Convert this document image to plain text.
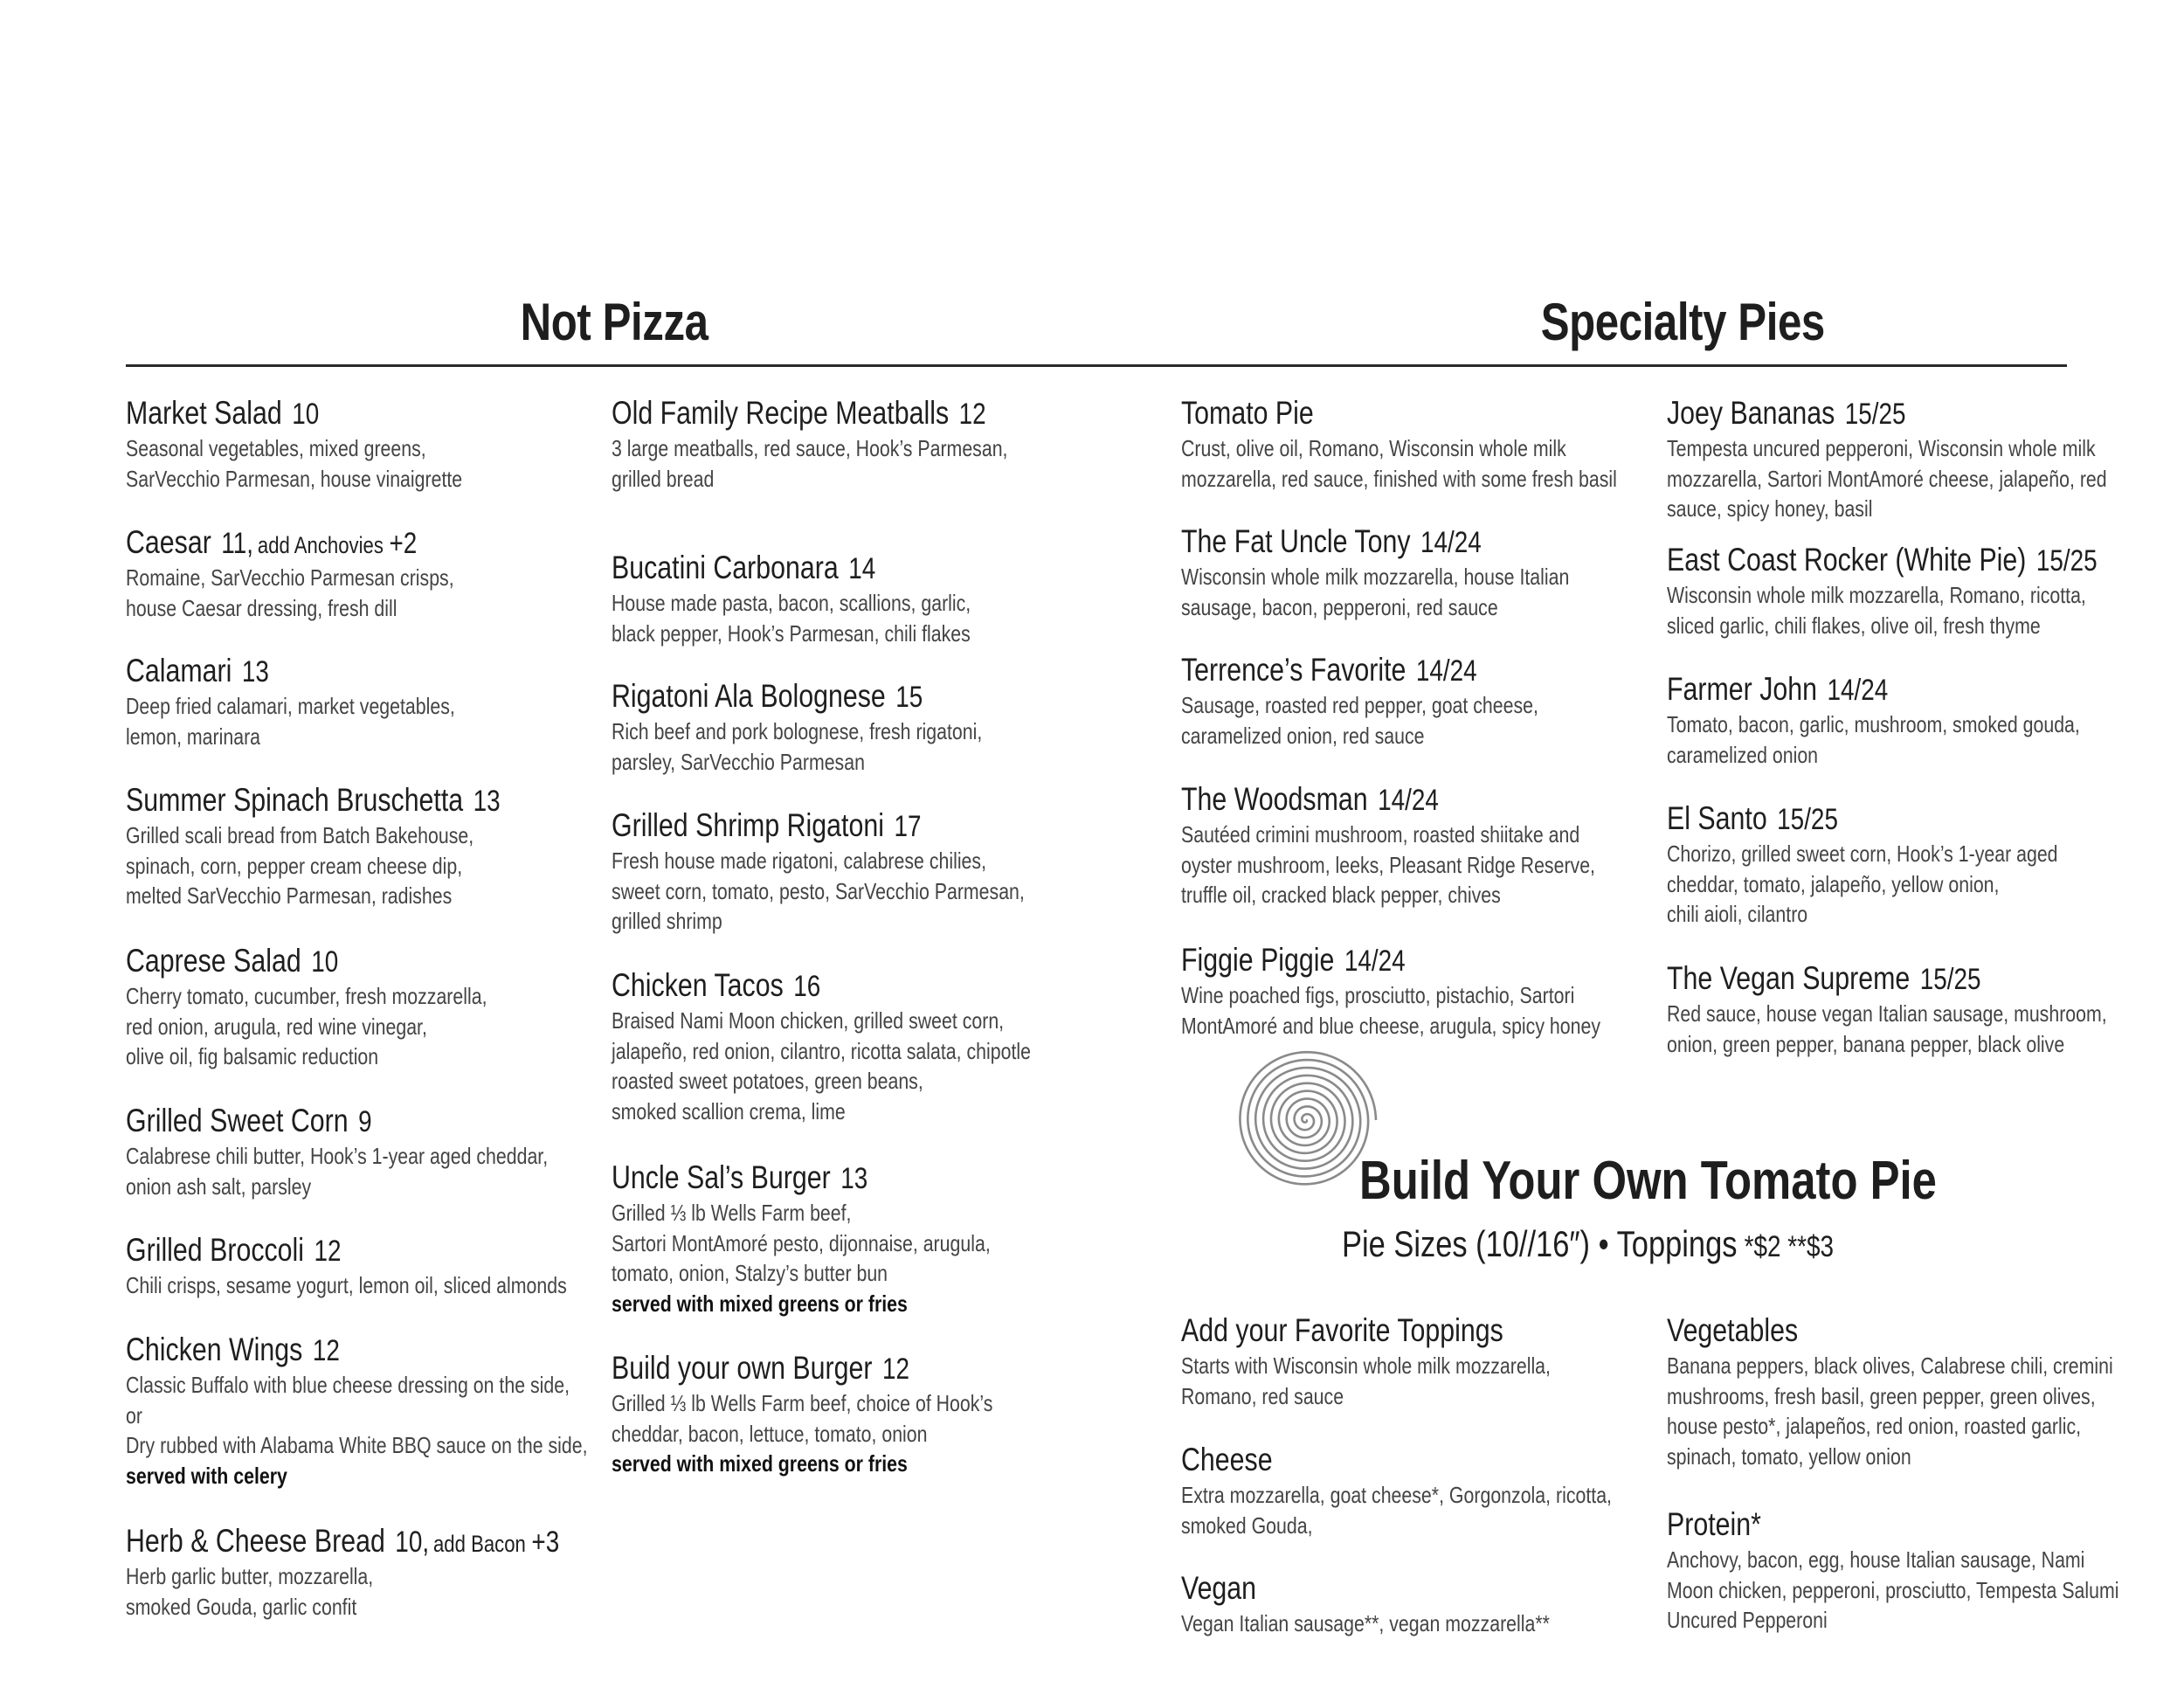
Not Pizza	Specialty Pies
Market Salad 10
Seasonal vegetables, mixed greens,
SarVecchio Parmesan, house vinaigrette
Caesar 11, add Anchovies +2
Romaine, SarVecchio Parmesan crisps,
house Caesar dressing, fresh dill
Calamari 13
Deep fried calamari, market vegetables,
lemon, marinara
Summer Spinach Bruschetta 13
Grilled scali bread from Batch Bakehouse,
spinach, corn, pepper cream cheese dip,
melted SarVecchio Parmesan, radishes
Caprese Salad 10
Cherry tomato, cucumber, fresh mozzarella,
red onion, arugula, red wine vinegar,
olive oil, fig balsamic reduction
Grilled Sweet Corn 9
Calabrese chili butter, Hook’s 1-year aged cheddar,
onion ash salt, parsley
Grilled Broccoli 12
Chili crisps, sesame yogurt, lemon oil, sliced almonds
Chicken Wings 12
Classic Buffalo with blue cheese dressing on the side,
or
Dry rubbed with Alabama White BBQ sauce on the side,
served with celery
Herb & Cheese Bread 10, add Bacon +3
Herb garlic butter, mozzarella,
smoked Gouda, garlic confit
Old Family Recipe Meatballs 12
3 large meatballs, red sauce, Hook’s Parmesan,
grilled bread
Bucatini Carbonara 14
House made pasta, bacon, scallions, garlic,
black pepper, Hook’s Parmesan, chili flakes
Rigatoni Ala Bolognese 15
Rich beef and pork bolognese, fresh rigatoni,
parsley, SarVecchio Parmesan
Grilled Shrimp Rigatoni 17
Fresh house made rigatoni, calabrese chilies,
sweet corn, tomato, pesto, SarVecchio Parmesan,
grilled shrimp
Chicken Tacos 16
Braised Nami Moon chicken, grilled sweet corn,
jalapeño, red onion, cilantro, ricotta salata, chipotle
roasted sweet potatoes, green beans,
smoked scallion crema, lime
Uncle Sal’s Burger 13
Grilled ⅓ lb Wells Farm beef,
Sartori MontAmoré pesto, dijonnaise, arugula,
tomato, onion, Stalzy’s butter bun
served with mixed greens or fries
Build your own Burger 12
Grilled ⅓ lb Wells Farm beef, choice of Hook’s
cheddar, bacon, lettuce, tomato, onion
served with mixed greens or fries
Tomato Pie
Crust, olive oil, Romano, Wisconsin whole milk
mozzarella, red sauce, finished with some fresh basil
The Fat Uncle Tony 14/24
Wisconsin whole milk mozzarella, house Italian
sausage, bacon, pepperoni, red sauce
Terrence’s Favorite 14/24
Sausage, roasted red pepper, goat cheese,
caramelized onion, red sauce
The Woodsman 14/24
Sautéed crimini mushroom, roasted shiitake and
oyster mushroom, leeks, Pleasant Ridge Reserve,
truffle oil, cracked black pepper, chives
Figgie Piggie 14/24
Wine poached figs, prosciutto, pistachio, Sartori
MontAmoré and blue cheese, arugula, spicy honey
Joey Bananas 15/25
Tempesta uncured pepperoni, Wisconsin whole milk
mozzarella, Sartori MontAmoré cheese, jalapeño, red
sauce, spicy honey, basil
East Coast Rocker (White Pie) 15/25
Wisconsin whole milk mozzarella, Romano, ricotta,
sliced garlic, chili flakes, olive oil, fresh thyme
Farmer John 14/24
Tomato, bacon, garlic, mushroom, smoked gouda,
caramelized onion
El Santo 15/25
Chorizo, grilled sweet corn, Hook’s 1-year aged
cheddar, tomato, jalapeño, yellow onion,
chili aioli, cilantro
The Vegan Supreme 15/25
Red sauce, house vegan Italian sausage, mushroom,
onion, green pepper, banana pepper, black olive
Add your Favorite Toppings
Starts with Wisconsin whole milk mozzarella,
Romano, red sauce
Cheese
Extra mozzarella, goat cheese*, Gorgonzola, ricotta,
smoked Gouda,
Vegan
Vegan Italian sausage**, vegan mozzarella**
Vegetables
Banana peppers, black olives, Calabrese chili, cremini
mushrooms, fresh basil, green pepper, green olives,
house pesto*, jalapeños, red onion, roasted garlic,
spinach, tomato, yellow onion
Protein*
Anchovy, bacon, egg, house Italian sausage, Nami
Moon chicken, pepperoni, prosciutto, Tempesta Salumi
Uncured Pepperoni
Build Your Own Tomato Pie
Pie Sizes (10//16″) • Toppings *$2 **$3
